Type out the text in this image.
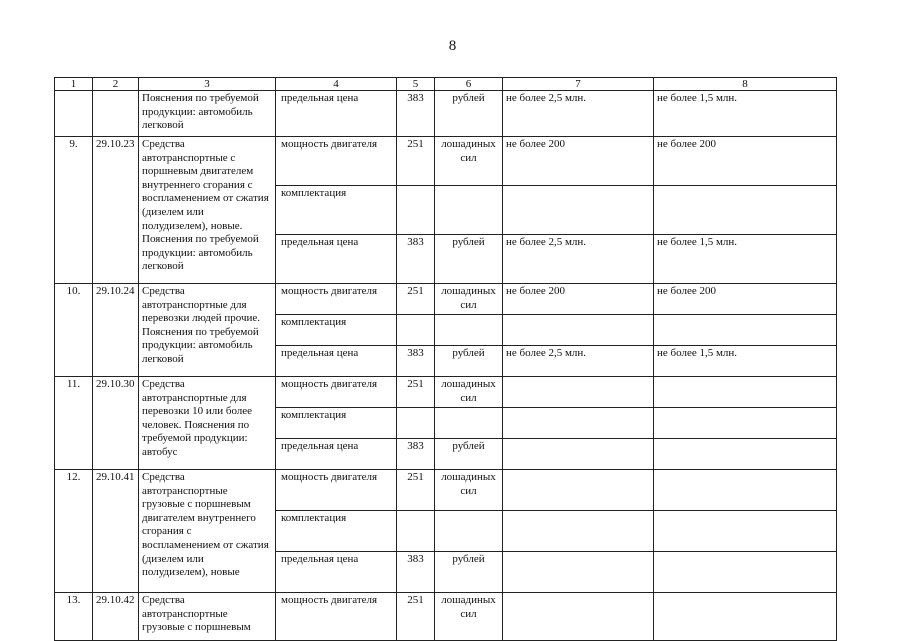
8
1	2	3	4	5	6	7	8
		Пояснения по требуемой продукции: автомобиль легковой	предельная цена	383	рублей	не более 2,5 млн.	не более 1,5 млн.
9.	29.10.23	Средства автотранспортные с поршневым двигателем внутреннего сгорания с воспламенением от сжатия (дизелем или полудизелем), новые. Пояснения по требуемой продукции: автомобиль легковой	мощность двигателя	251	лошадиных сил	не более 200	не более 200
			комплектация				
			предельная цена	383	рублей	не более 2,5 млн.	не более 1,5 млн.
10.	29.10.24	Средства автотранспортные для перевозки людей прочие. Пояснения по требуемой продукции: автомобиль легковой	мощность двигателя	251	лошадиных сил	не более 200	не более 200
			комплектация				
			предельная цена	383	рублей	не более 2,5 млн.	не более 1,5 млн.
11.	29.10.30	Средства автотранспортные для перевозки 10 или более человек. Пояснения по требуемой продукции: автобус	мощность двигателя	251	лошадиных сил		
			комплектация				
			предельная цена	383	рублей		
12.	29.10.41	Средства автотранспортные грузовые с поршневым двигателем внутреннего сгорания с воспламенением от сжатия (дизелем или полудизелем), новые	мощность двигателя	251	лошадиных сил		
			комплектация				
			предельная цена	383	рублей		
13.	29.10.42	Средства автотранспортные грузовые с поршневым	мощность двигателя	251	лошадиных сил		
